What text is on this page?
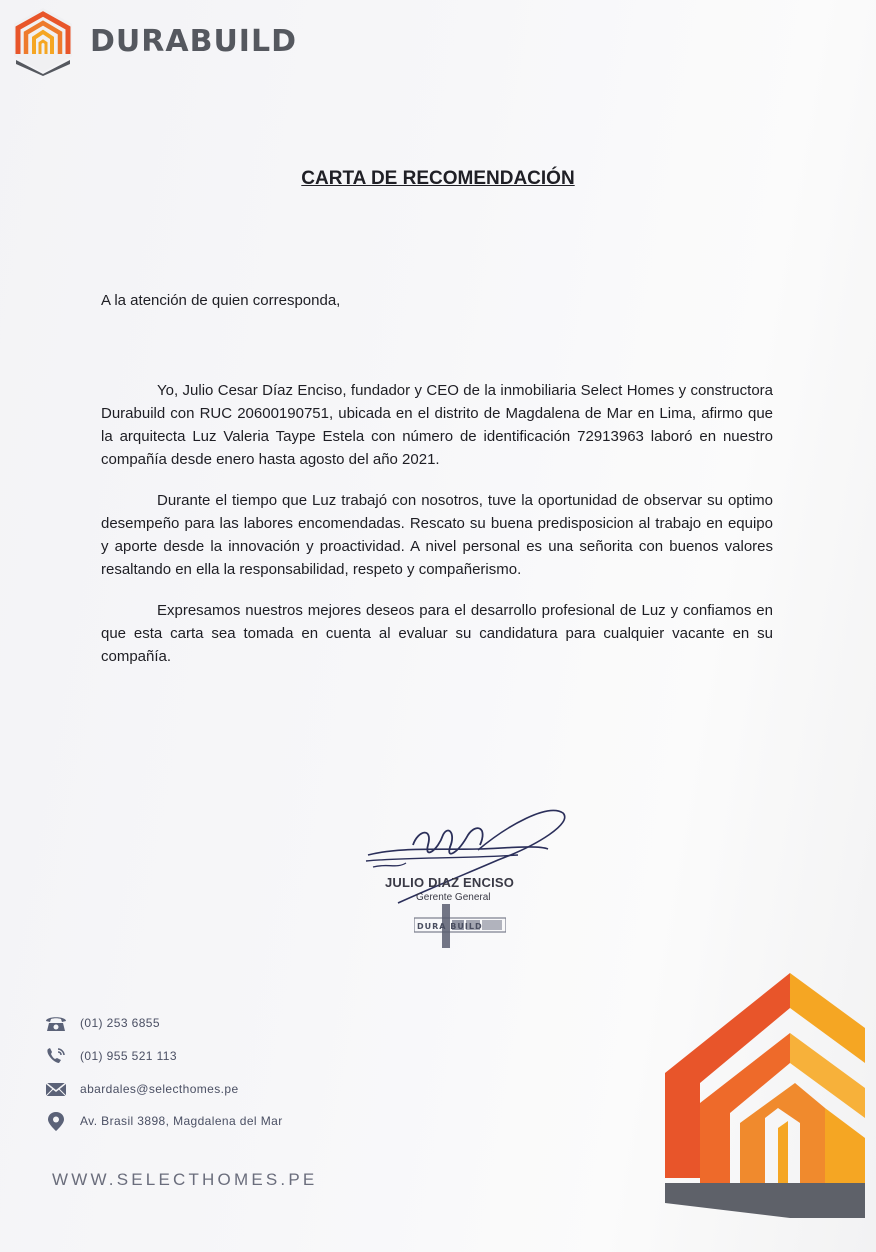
DURABUILD
CARTA DE RECOMENDACIÓN
A la atención de quien corresponda,

Yo, Julio Cesar Díaz Enciso, fundador y CEO de la inmobiliaria Select Homes y constructora Durabuild con RUC 20600190751, ubicada en el distrito de Magdalena de Mar en Lima, afirmo que la arquitecta Luz Valeria Taype Estela con número de identificación 72913963 laboró en nuestro compañía desde enero hasta agosto del año 2021.

Durante el tiempo que Luz trabajó con nosotros, tuve la oportunidad de observar su optimo desempeño para las labores encomendadas. Rescato su buena predisposicion al trabajo en equipo y aporte desde la innovación y proactividad. A nivel personal es una señorita con buenos valores resaltando en ella la responsabilidad, respeto y compañerismo.

Expresamos nuestros mejores deseos para el desarrollo profesional de Luz y confiamos en que esta carta sea tomada en cuenta al evaluar su candidatura para cualquier vacante en su compañía.

JULIO DIAZ ENCISO
Gerente General
DURA BUILD
(01) 253 6855
(01) 955 521 113
abardales@selecthomes.pe
Av. Brasil 3898, Magdalena del Mar
WWW.SELECTHOMES.PE
